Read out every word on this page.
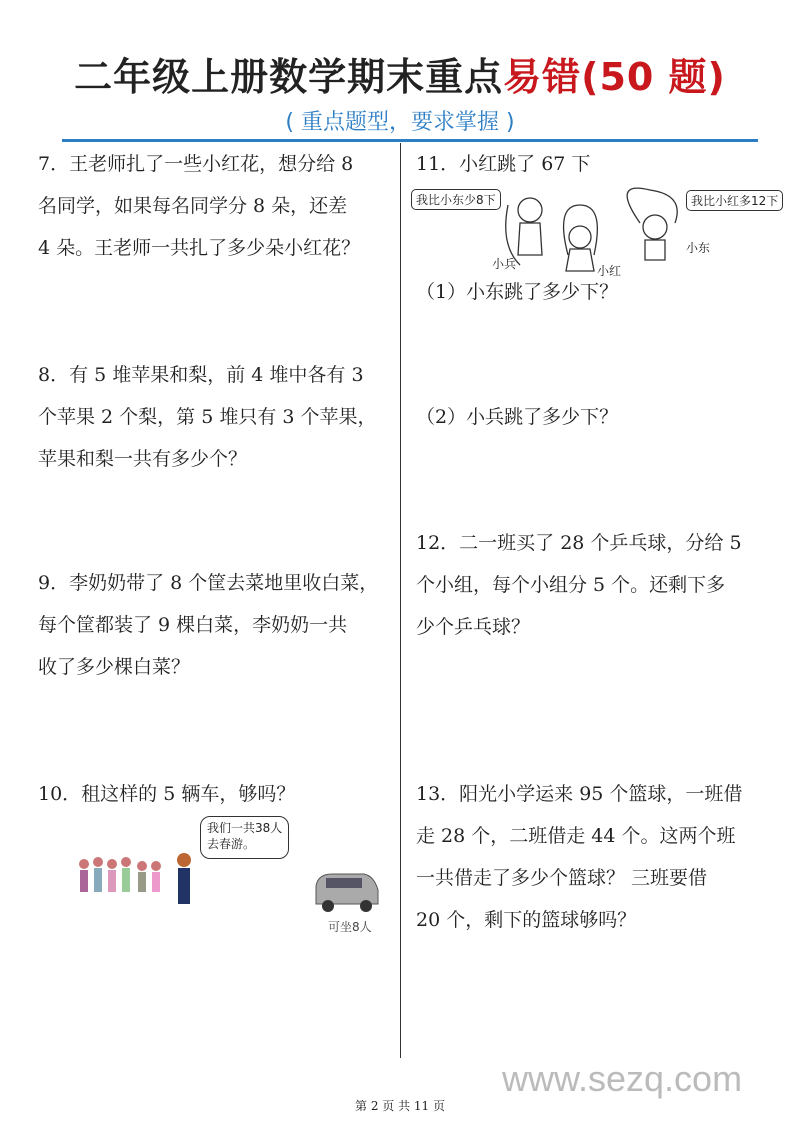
二年级上册数学期末重点易错(50 题)
( 重点题型，要求掌握 )
7．王老师扎了一些小红花，想分给 8
名同学，如果每名同学分 8 朵，还差
4 朵。王老师一共扎了多少朵小红花？
8．有 5 堆苹果和梨，前 4 堆中各有 3
个苹果 2 个梨，第 5 堆只有 3 个苹果，
苹果和梨一共有多少个？
9．李奶奶带了 8 个筐去菜地里收白菜，
每个筐都装了 9 棵白菜，李奶奶一共
收了多少棵白菜？
10．租这样的 5 辆车，够吗？
我们一共38人
去春游。
可坐8人
11．小红跳了 67 下
我比小东少8下	我比小红多12下
小兵	小红
小东
（1）小东跳了多少下？
（2）小兵跳了多少下？
12．二一班买了 28 个乒乓球，分给 5
个小组，每个小组分 5 个。还剩下多
少个乒乓球？
13．阳光小学运来 95 个篮球，一班借
走 28 个，二班借走 44 个。这两个班
一共借走了多少个篮球？ 三班要借
20 个，剩下的篮球够吗？
www.sezq.com
第 2 页 共 11 页
